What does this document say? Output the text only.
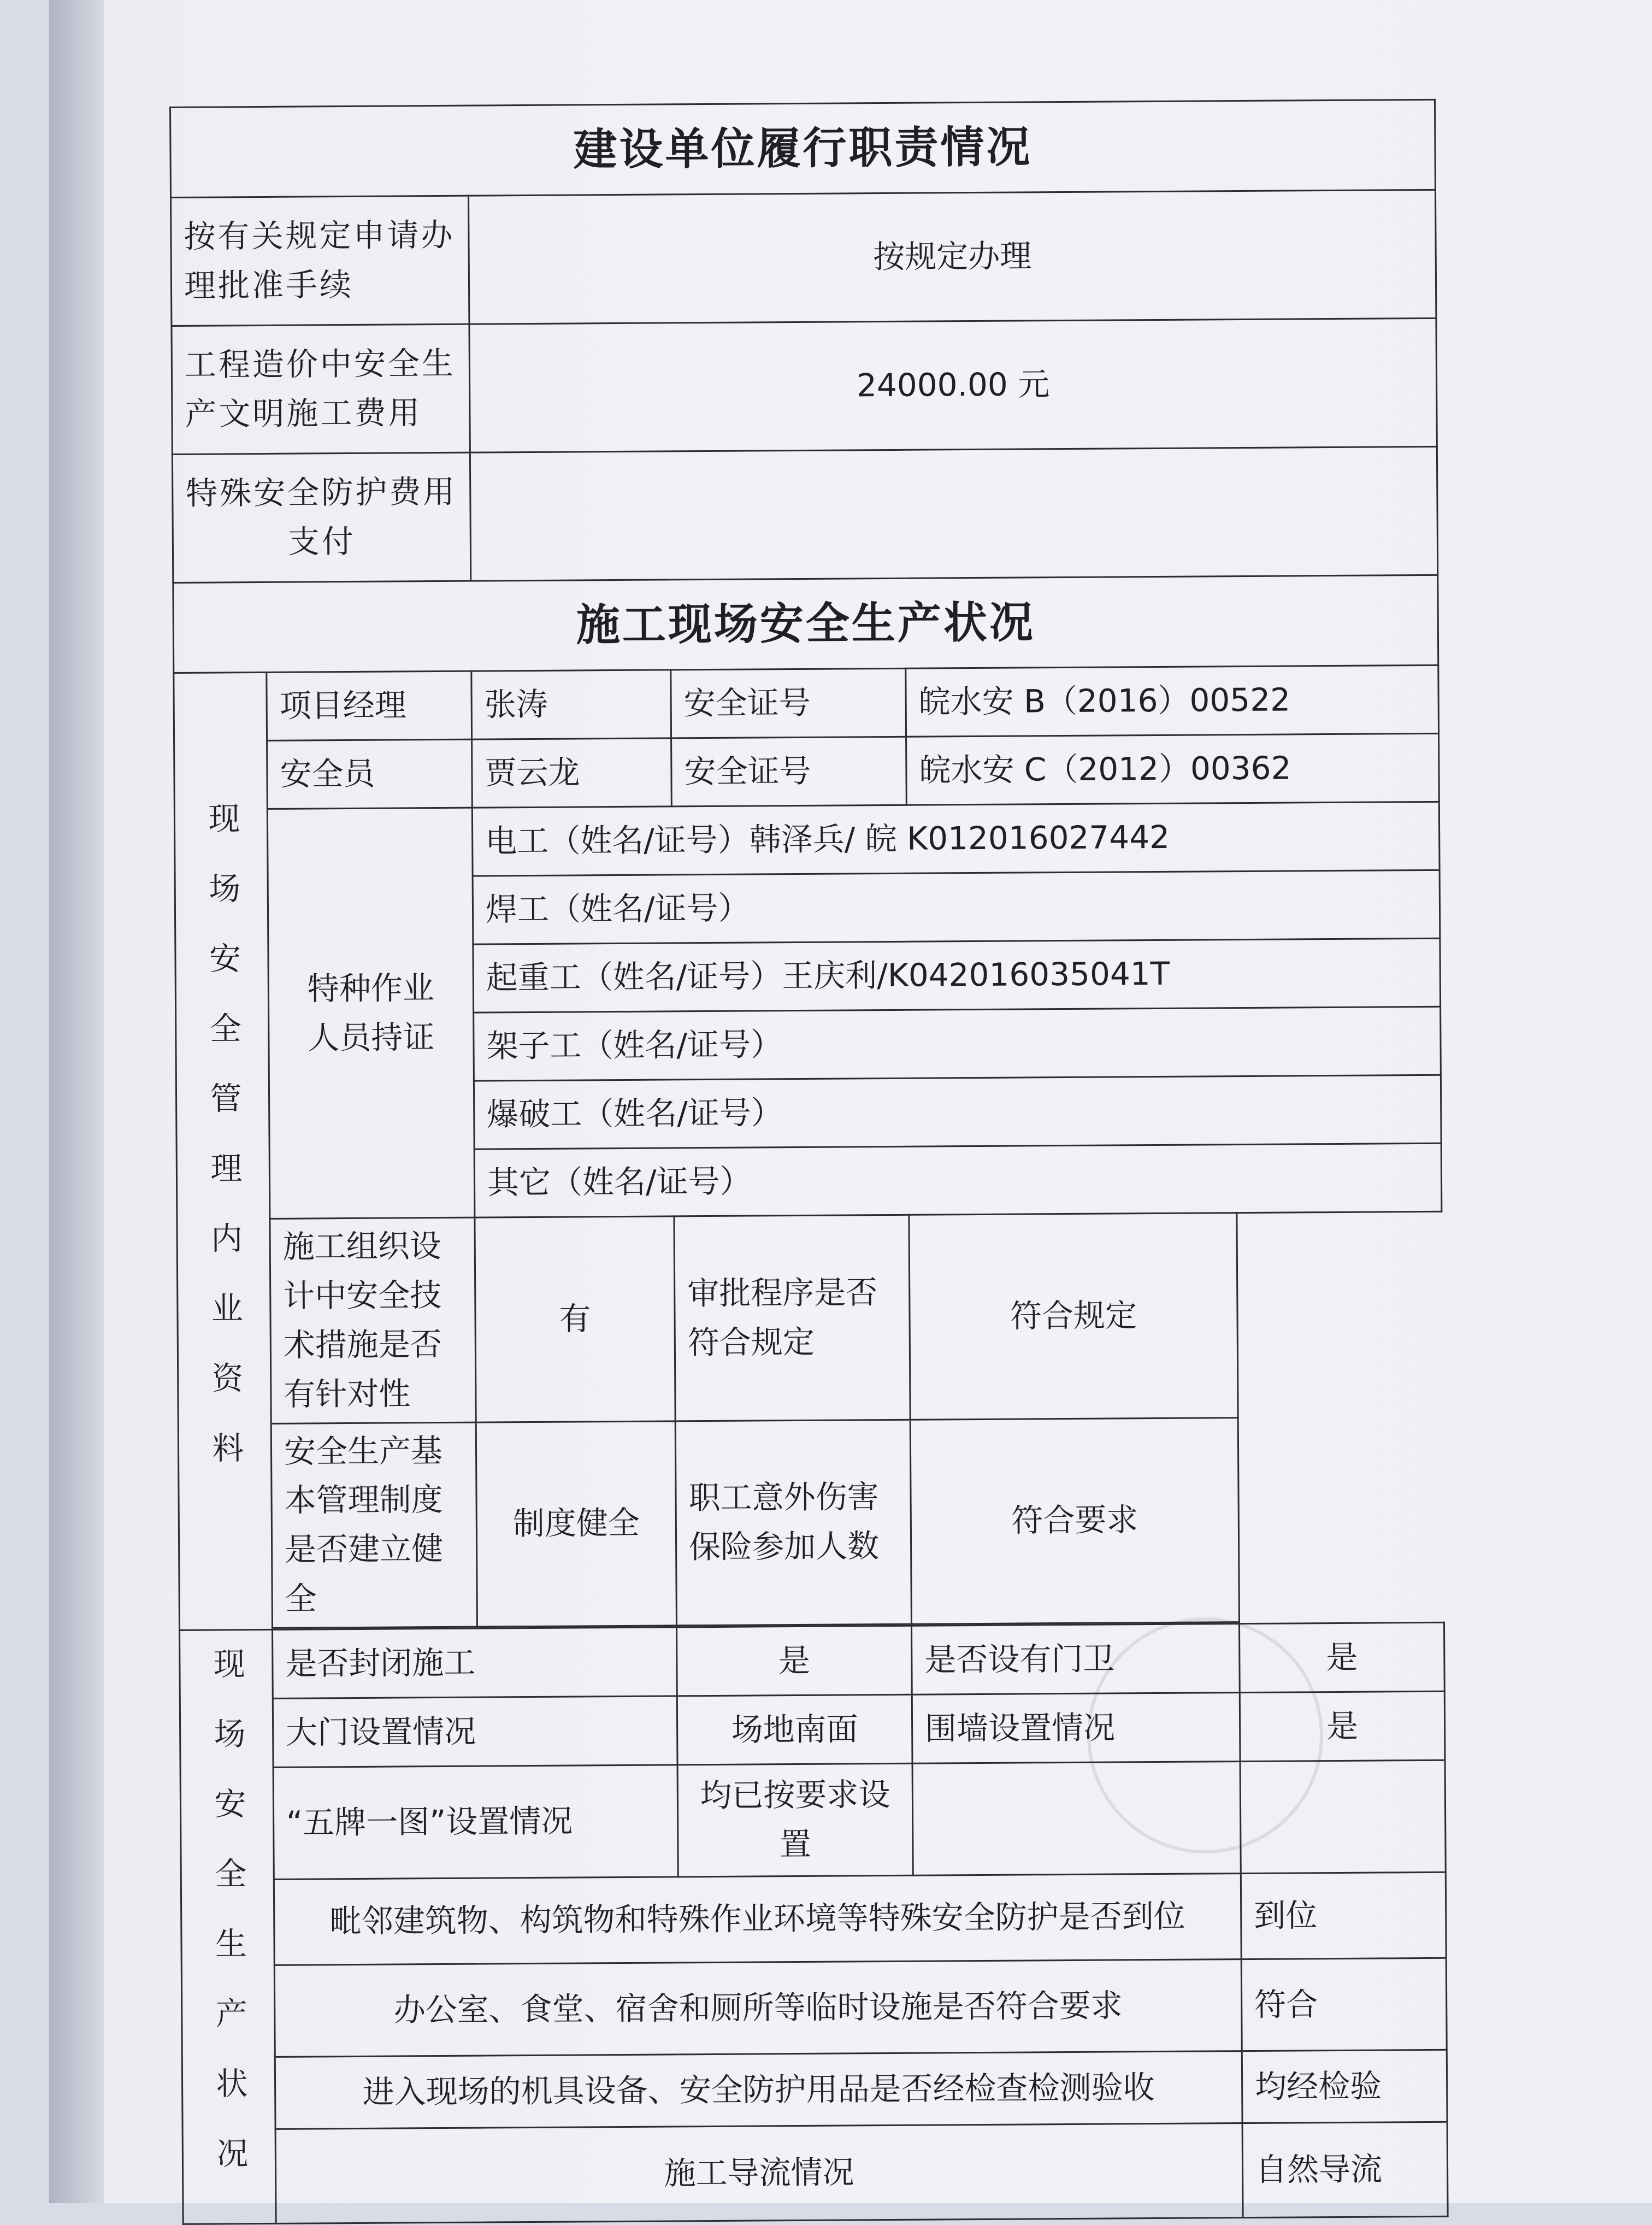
建设单位履行职责情况					
按有关规定申请办理批准手续		按规定办理			
工程造价中安全生产文明施工费用		24000.00 元			
特殊安全防护费用支付					
施工现场安全生产状况					
现场安全管理内业资料	项目经理	张涛	安全证号	皖水安 B（2016）00522	
	安全员	贾云龙	安全证号	皖水安 C（2012）00362	
	特种作业人员持证	电工（姓名/证号）韩泽兵/ 皖 K012016027442			
		焊工（姓名/证号）			
		起重工（姓名/证号）王庆利/K042016035041T			
		架子工（姓名/证号）			
		爆破工（姓名/证号）			
		其它（姓名/证号）			
	施工组织设计中安全技术措施是否有针对性	有	审批程序是否符合规定	符合规定	
	安全生产基本管理制度是否建立健全	制度健全	职工意外伤害保险参加人数	符合要求	

现场安全生产状况	是否封闭施工		是	是否设有门卫	是
	大门设置情况		场地南面	围墙设置情况	是
	“五牌一图”设置情况		均已按要求设置		
	毗邻建筑物、构筑物和特殊作业环境等特殊安全防护是否到位				到位
	办公室、食堂、宿舍和厕所等临时设施是否符合要求				符合
	进入现场的机具设备、安全防护用品是否经检查检测验收				均经检验
	施工导流情况				自然导流
